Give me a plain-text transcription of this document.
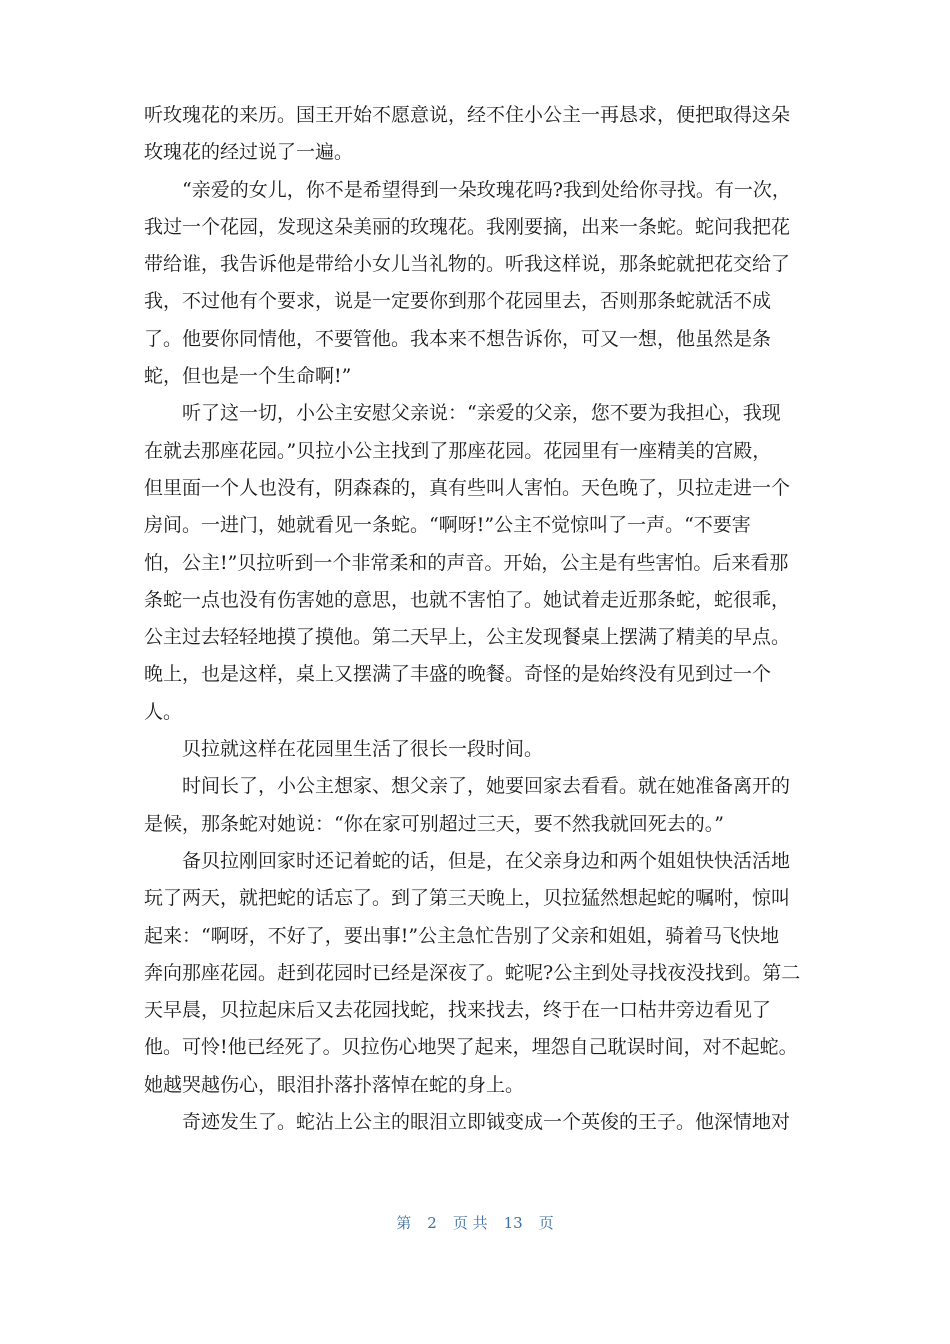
听玫瑰花的来历。国王开始不愿意说，经不住小公主一再恳求，便把取得这朵
玫瑰花的经过说了一遍。
“亲爱的女儿，你不是希望得到一朵玫瑰花吗?我到处给你寻找。有一次，
我过一个花园，发现这朵美丽的玫瑰花。我刚要摘，出来一条蛇。蛇问我把花
带给谁，我告诉他是带给小女儿当礼物的。听我这样说，那条蛇就把花交给了
我，不过他有个要求，说是一定要你到那个花园里去，否则那条蛇就活不成
了。他要你同情他，不要管他。我本来不想告诉你，可又一想，他虽然是条
蛇，但也是一个生命啊!”
听了这一切，小公主安慰父亲说：“亲爱的父亲，您不要为我担心，我现
在就去那座花园。”贝拉小公主找到了那座花园。花园里有一座精美的宫殿，
但里面一个人也没有，阴森森的，真有些叫人害怕。天色晚了，贝拉走进一个
房间。一进门，她就看见一条蛇。“啊呀!”公主不觉惊叫了一声。“不要害
怕，公主!”贝拉听到一个非常柔和的声音。开始，公主是有些害怕。后来看那
条蛇一点也没有伤害她的意思，也就不害怕了。她试着走近那条蛇，蛇很乖，
公主过去轻轻地摸了摸他。第二天早上，公主发现餐桌上摆满了精美的早点。
晚上，也是这样，桌上又摆满了丰盛的晚餐。奇怪的是始终没有见到过一个
人。
贝拉就这样在花园里生活了很长一段时间。
时间长了，小公主想家、想父亲了，她要回家去看看。就在她准备离开的
是候，那条蛇对她说：“你在家可别超过三天，要不然我就回死去的。”
备贝拉刚回家时还记着蛇的话，但是，在父亲身边和两个姐姐快快活活地
玩了两天，就把蛇的话忘了。到了第三天晚上，贝拉猛然想起蛇的嘱咐，惊叫
起来：“啊呀，不好了，要出事!”公主急忙告别了父亲和姐姐，骑着马飞快地
奔向那座花园。赶到花园时已经是深夜了。蛇呢?公主到处寻找夜没找到。第二
天早晨，贝拉起床后又去花园找蛇，找来找去，终于在一口枯井旁边看见了
他。可怜!他已经死了。贝拉伤心地哭了起来，埋怨自己耽误时间，对不起蛇。
她越哭越伤心，眼泪扑落扑落悼在蛇的身上。
奇迹发生了。蛇沾上公主的眼泪立即钺变成一个英俊的王子。他深情地对
第 2 页 共 13 页
